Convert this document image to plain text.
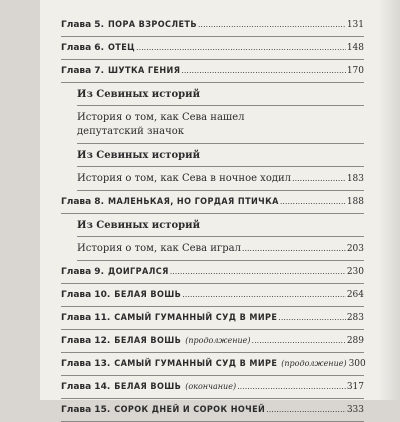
Глава 5. ПОРА ВЗРОСЛЕТЬ .....	131
Глава 6. ОТЕЦ .....	148
Глава 7. ШУТКА ГЕНИЯ .....	170
Из Севиных историй
История о том, как Сева нашел
депутатский значок
Из Севиных историй
История о том, как Сева в ночное ходил .....	183
Глава 8. МАЛЕНЬКАЯ, НО ГОРДАЯ ПТИЧКА .....	188
Из Севиных историй
История о том, как Сева играл .....	203
Глава 9. ДОИГРАЛСЯ .....	230
Глава 10. БЕЛАЯ ВОШЬ .....	264
Глава 11. САМЫЙ ГУМАННЫЙ СУД В МИРЕ .....	283
Глава 12. БЕЛАЯ ВОШЬ (продолжение) .....	289
Глава 13. САМЫЙ ГУМАННЫЙ СУД В МИРЕ (продолжение) 300
Глава 14. БЕЛАЯ ВОШЬ (окончание) .....	317
Глава 15. СОРОК ДНЕЙ И СОРОК НОЧЕЙ .....	333
